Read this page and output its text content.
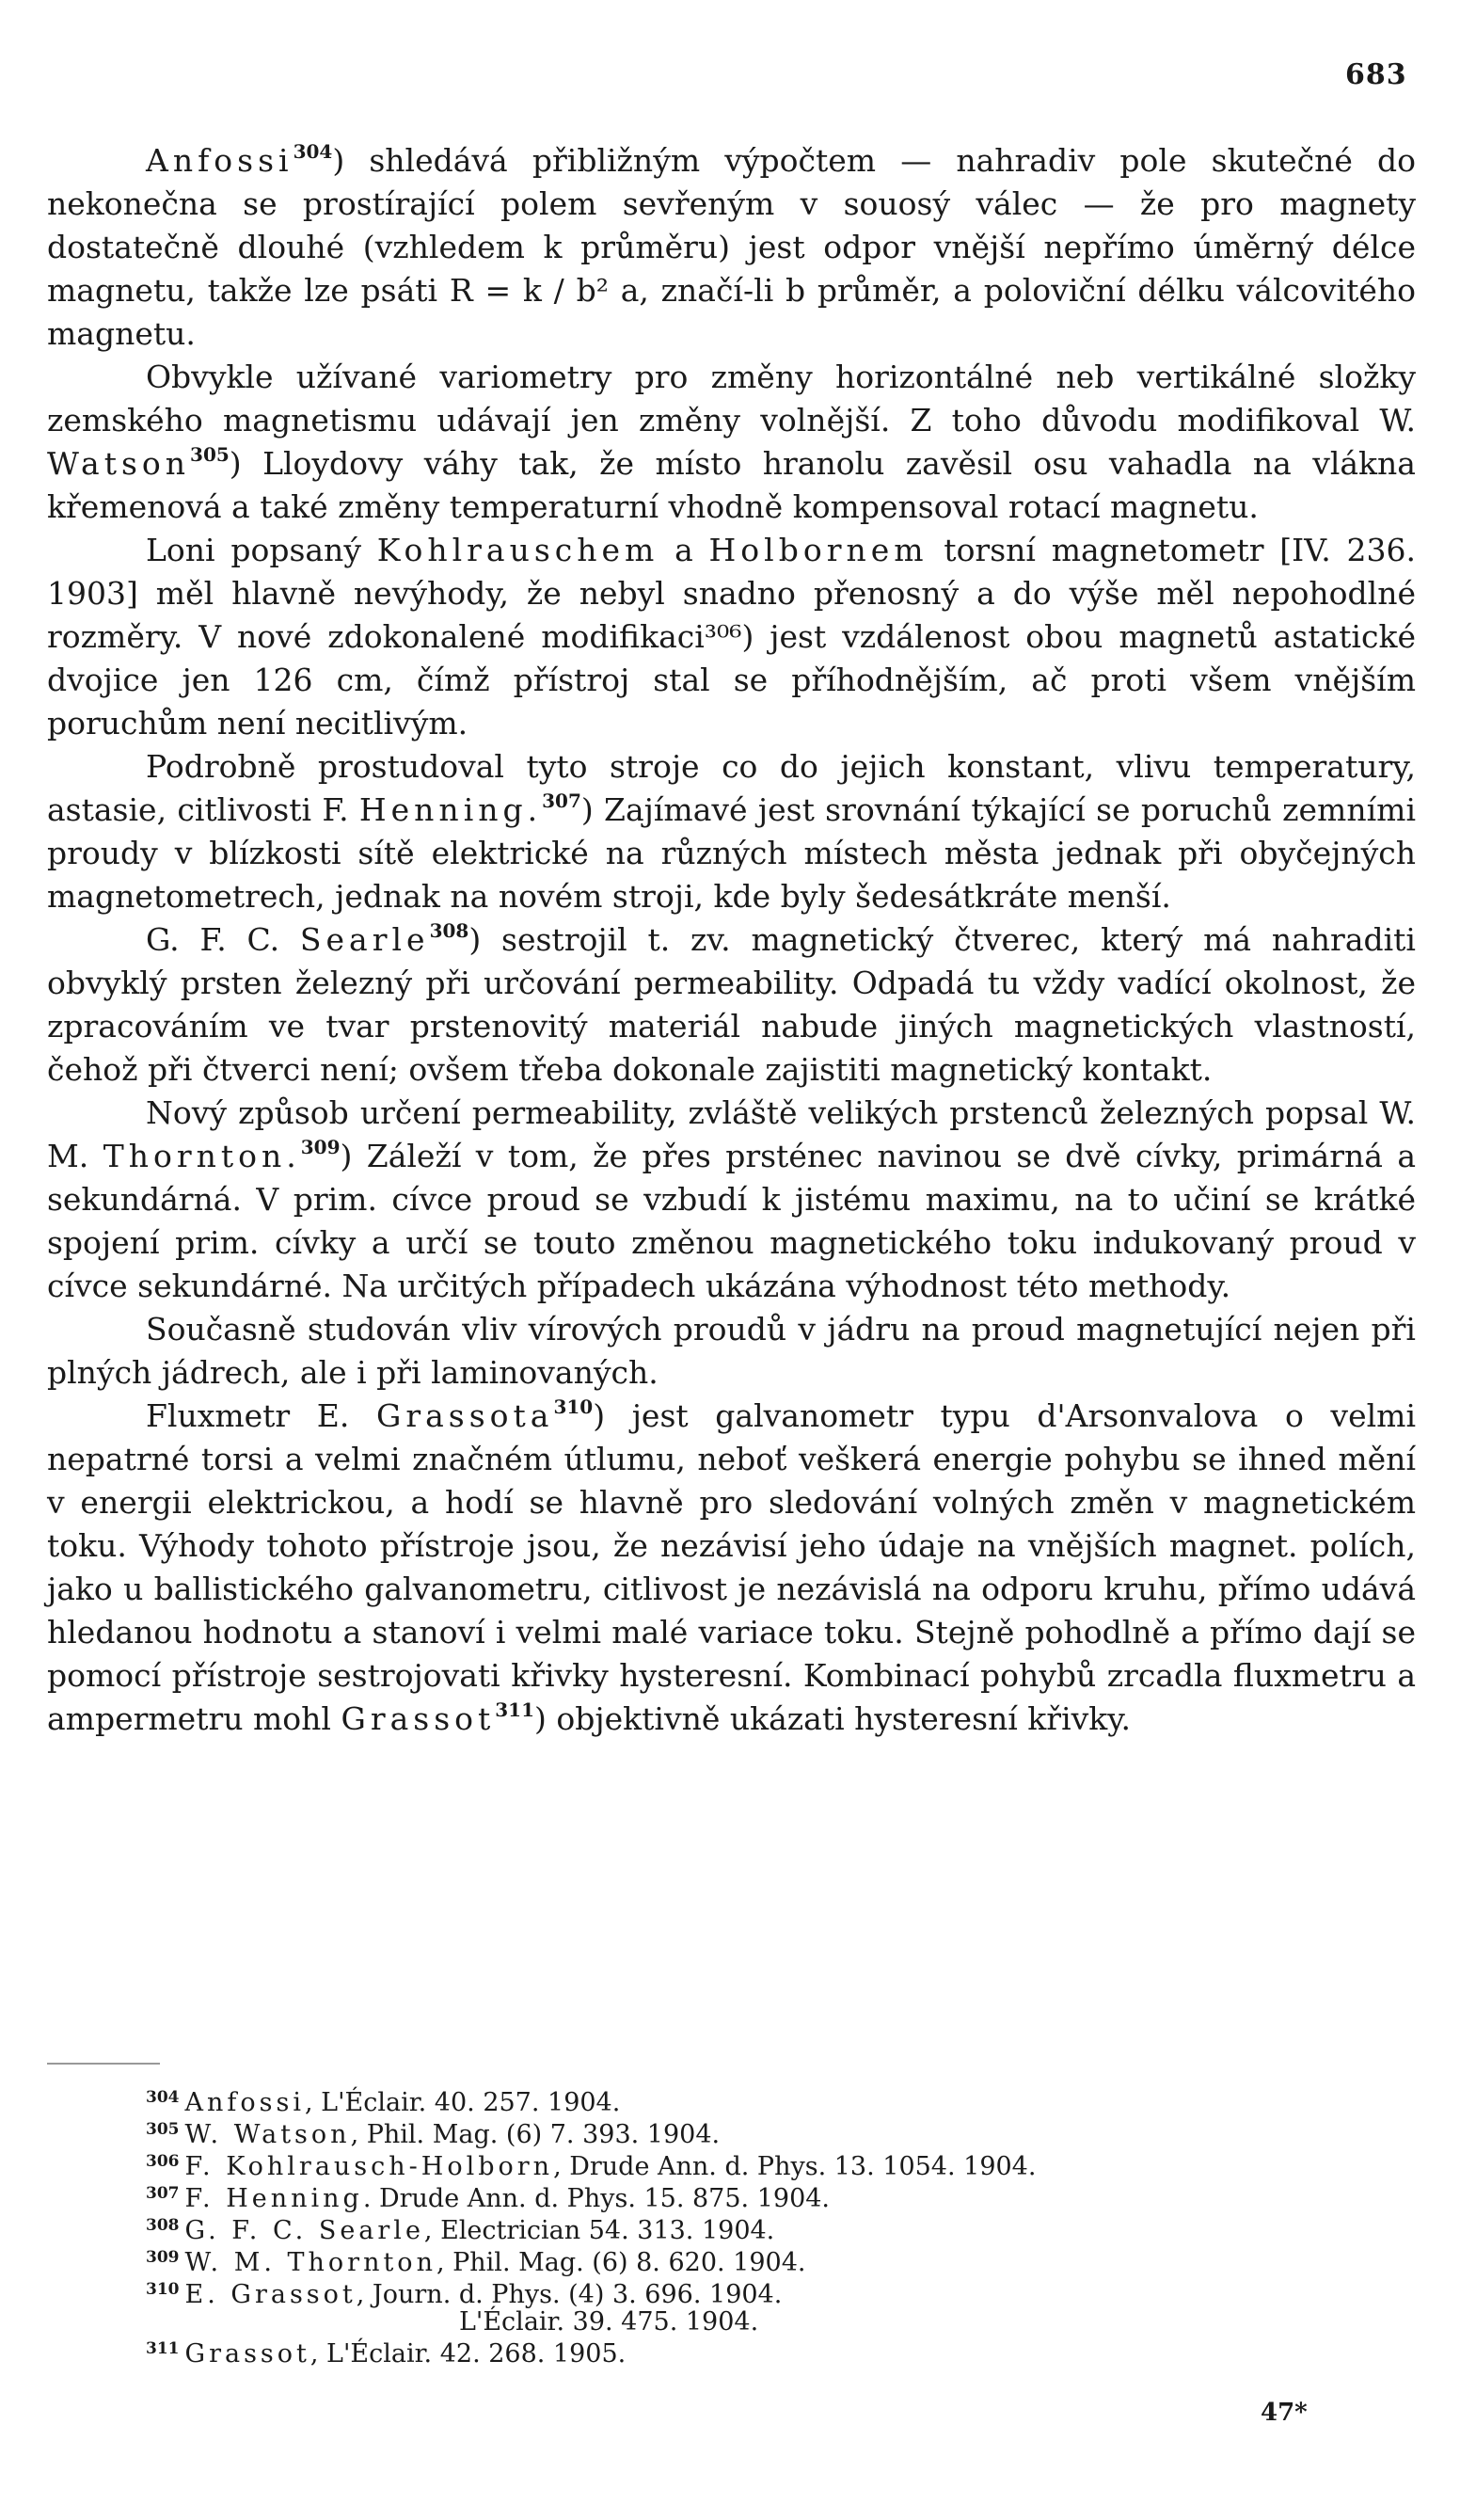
683

Anfossi$^{304}$) shledává přibližným výpočtem — nahradiv pole skutečné do nekonečna se prostírající polem sevřeným v souosý válec — že pro magnety dostatečně dlouhé (vzhledem k průměru) jest odpor vnější nepřímo úměrný délce magnetu, takže lze psáti R = k / b² a, značí-li b průměr, a poloviční délku válcovitého magnetu.

Obvykle užívané variometry pro změny horizontálné neb vertikálné složky zemského magnetismu udávají jen změny volnější. Z toho důvodu modifikoval W. Watson$^{305}$) Lloydovy váhy tak, že místo hranolu zavěsil osu vahadla na vlákna křemenová a také změny temperaturní vhodně kompensoval rotací magnetu.

Loni popsaný Kohlrauschem a Holbornem torsní magnetometr [IV. 236. 1903] měl hlavně nevýhody, že nebyl snadno přenosný a do výše měl nepohodlné rozměry. V nové zdokonalené modifikaci³⁰⁶) jest vzdálenost obou magnetů astatické dvojice jen 126 cm, čímž přístroj stal se příhodnějším, ač proti všem vnějším poruchům není necitlivým.

Podrobně prostudoval tyto stroje co do jejich konstant, vlivu temperatury, astasie, citlivosti F. Henning.$^{307}$) Zajímavé jest srovnání týkající se poruchů zemními proudy v blízkosti sítě elektrické na různých místech města jednak při obyčejných magnetometrech, jednak na novém stroji, kde byly šedesátkráte menší.

G. F. C. Searle$^{308}$) sestrojil t. zv. magnetický čtverec, který má nahraditi obvyklý prsten železný při určování permeability. Odpadá tu vždy vadící okolnost, že zpracováním ve tvar prstenovitý materiál nabude jiných magnetických vlastností, čehož při čtverci není; ovšem třeba dokonale zajistiti magnetický kontakt.

Nový způsob určení permeability, zvláště velikých prstenců železných popsal W. M. Thornton.$^{309}$) Záleží v tom, že přes prsténec navinou se dvě cívky, primárná a sekundárná. V prim. cívce proud se vzbudí k jistému maximu, na to učiní se krátké spojení prim. cívky a určí se touto změnou magnetického toku indukovaný proud v cívce sekundárné. Na určitých případech ukázána výhodnost této methody.

Současně studován vliv vírových proudů v jádru na proud magnetující nejen při plných jádrech, ale i při laminovaných.

Fluxmetr E. Grassota$^{310}$) jest galvanometr typu d'Arsonvalova o velmi nepatrné torsi a velmi značném útlumu, neboť veškerá energie pohybu se ihned mění v energii elektrickou, a hodí se hlavně pro sledování volných změn v magnetickém toku. Výhody tohoto přístroje jsou, že nezávisí jeho údaje na vnějších magnet. polích, jako u ballistického galvanometru, citlivost je nezávislá na odporu kruhu, přímo udává hledanou hodnotu a stanoví i velmi malé variace toku. Stejně pohodlně a přímo dají se pomocí přístroje sestrojovati křivky hysteresní. Kombinací pohybů zrcadla fluxmetru a ampermetru mohl Grassot$^{311}$) objektivně ukázati hysteresní křivky.

$^{304}$ Anfossi, L'Éclair. 40. 257. 1904.
$^{305}$ W. Watson, Phil. Mag. (6) 7. 393. 1904.
$^{306}$ F. Kohlrausch-Holborn, Drude Ann. d. Phys. 13. 1054. 1904.
$^{307}$ F. Henning. Drude Ann. d. Phys. 15. 875. 1904.
$^{308}$ G. F. C. Searle, Electrician 54. 313. 1904.
$^{309}$ W. M. Thornton, Phil. Mag. (6) 8. 620. 1904.
$^{310}$ E. Grassot, Journ. d. Phys. (4) 3. 696. 1904.
L'Éclair. 39. 475. 1904.
$^{311}$ Grassot, L'Éclair. 42. 268. 1905.
47*
